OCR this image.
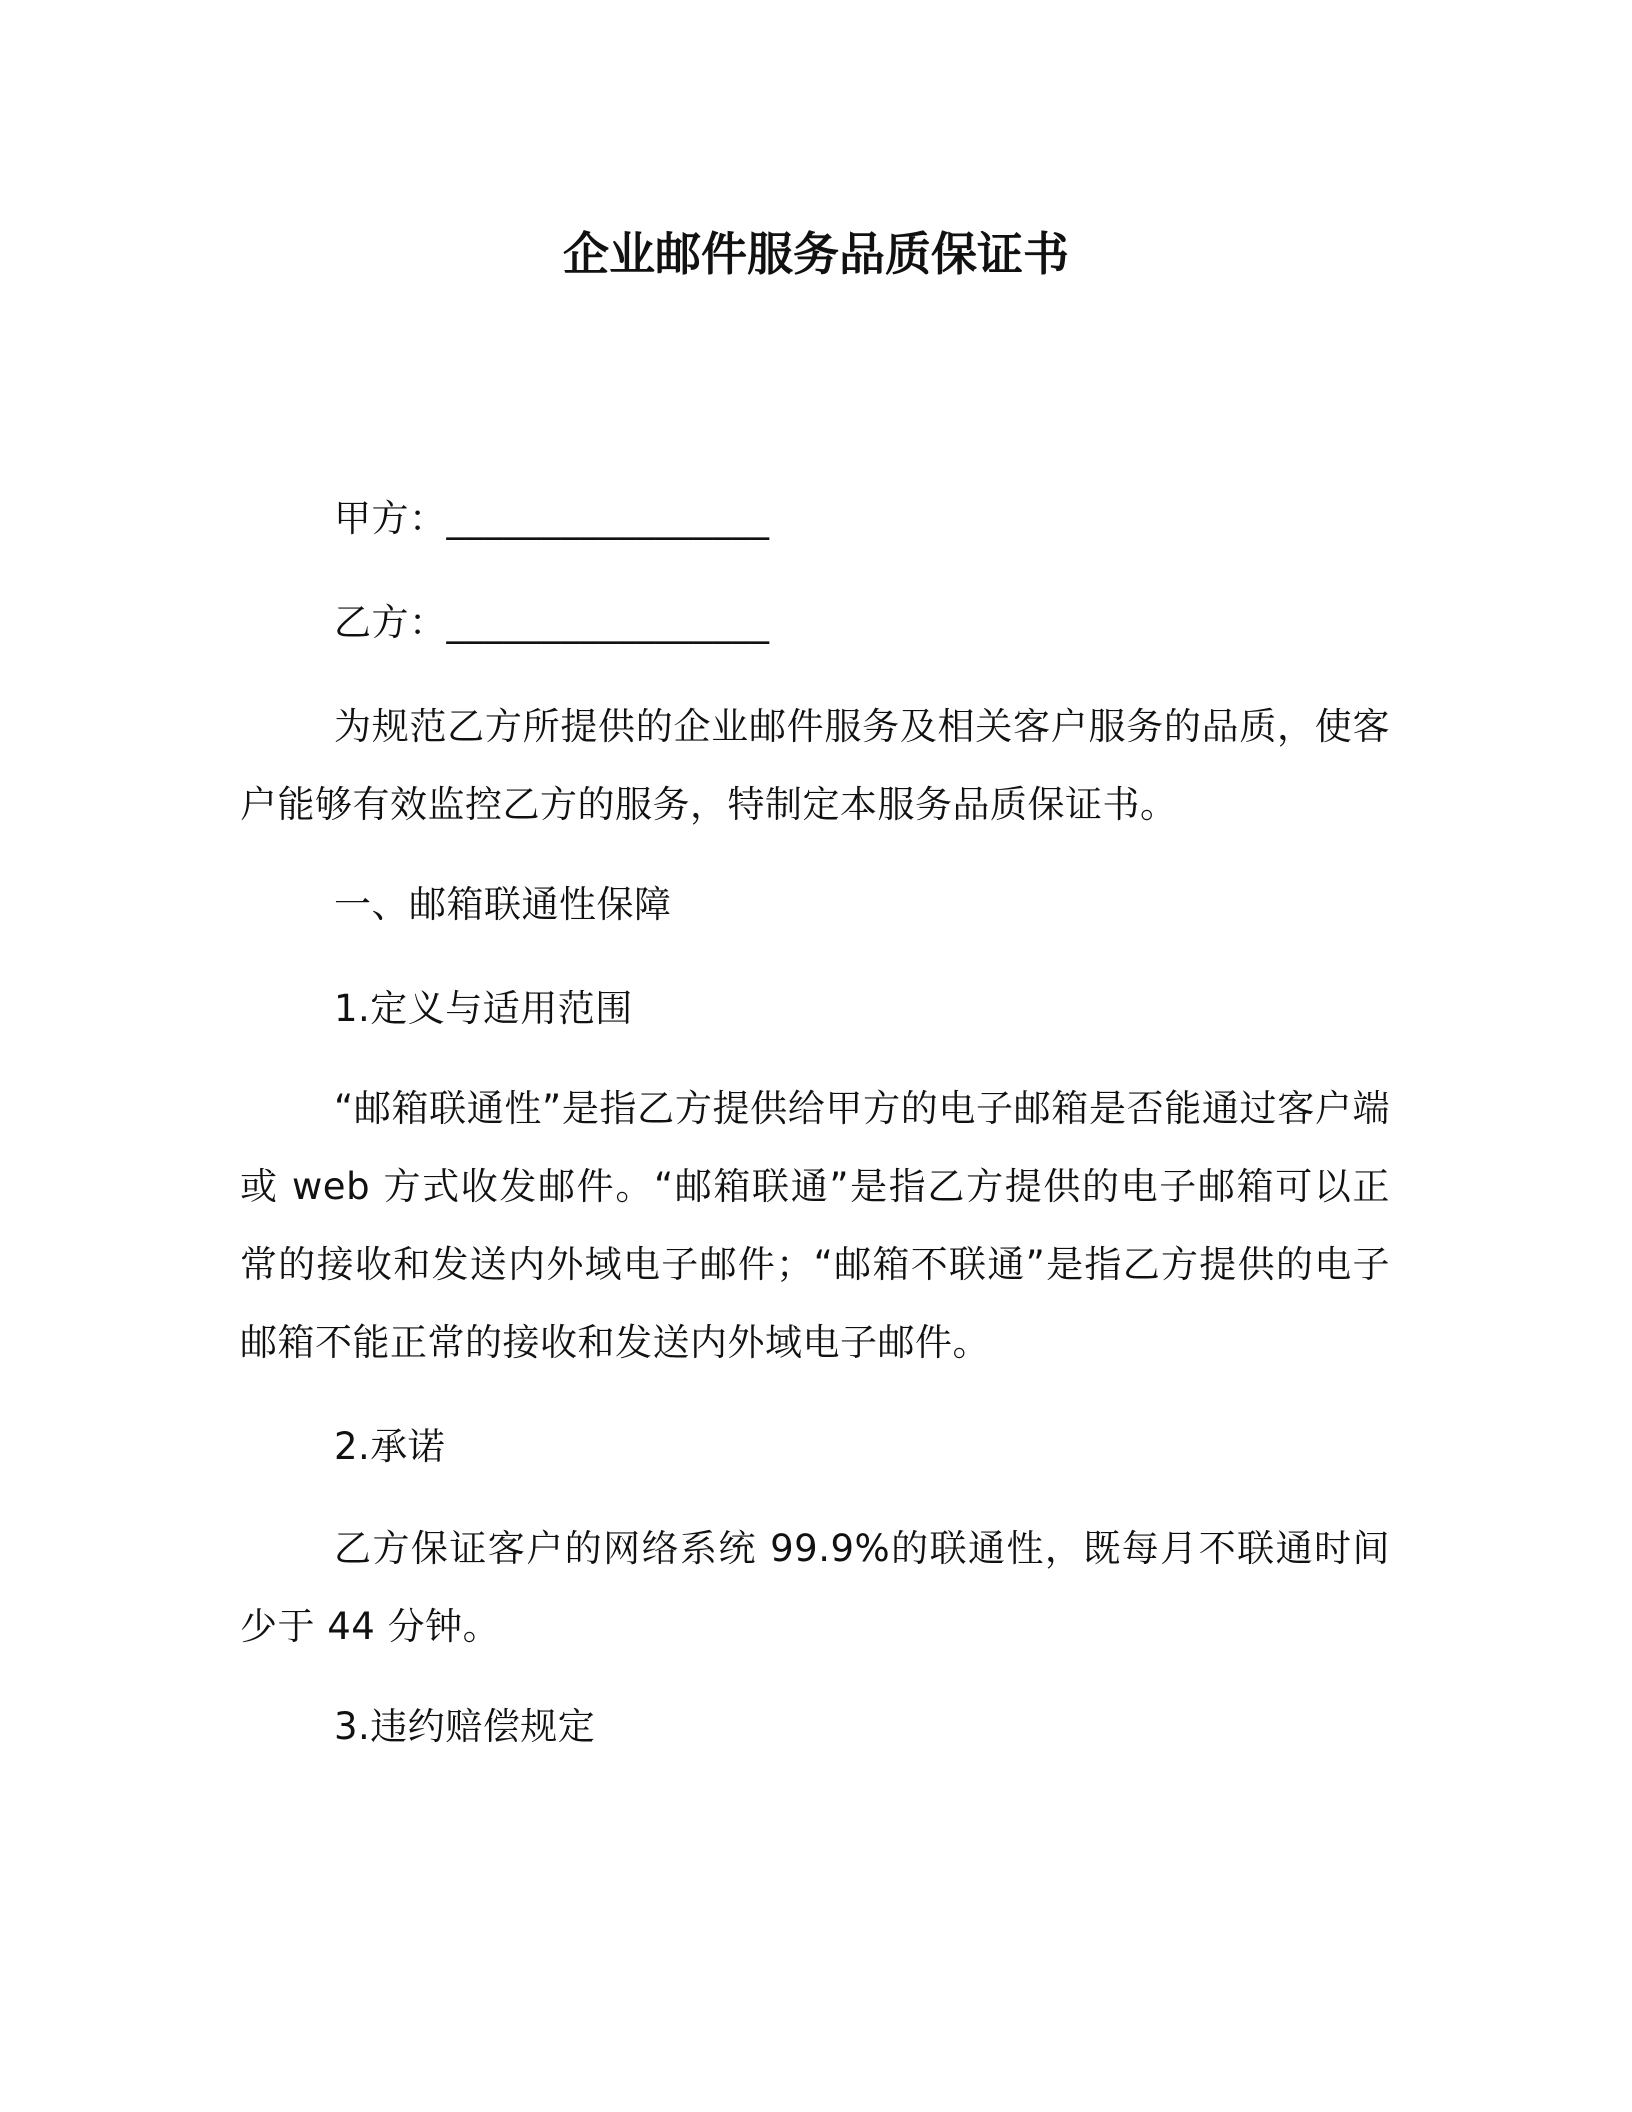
企业邮件服务品质保证书
甲方：_________________
乙方：_________________
为规范乙方所提供的企业邮件服务及相关客户服务的品质，使客户能够有效监控乙方的服务，特制定本服务品质保证书。
一、邮箱联通性保障
1.定义与适用范围
“邮箱联通性”是指乙方提供给甲方的电子邮箱是否能通过客户端或 web 方式收发邮件。“邮箱联通”是指乙方提供的电子邮箱可以正常的接收和发送内外域电子邮件；“邮箱不联通”是指乙方提供的电子邮箱不能正常的接收和发送内外域电子邮件。
2.承诺
乙方保证客户的网络系统 99.9%的联通性，既每月不联通时间少于 44 分钟。
3.违约赔偿规定
